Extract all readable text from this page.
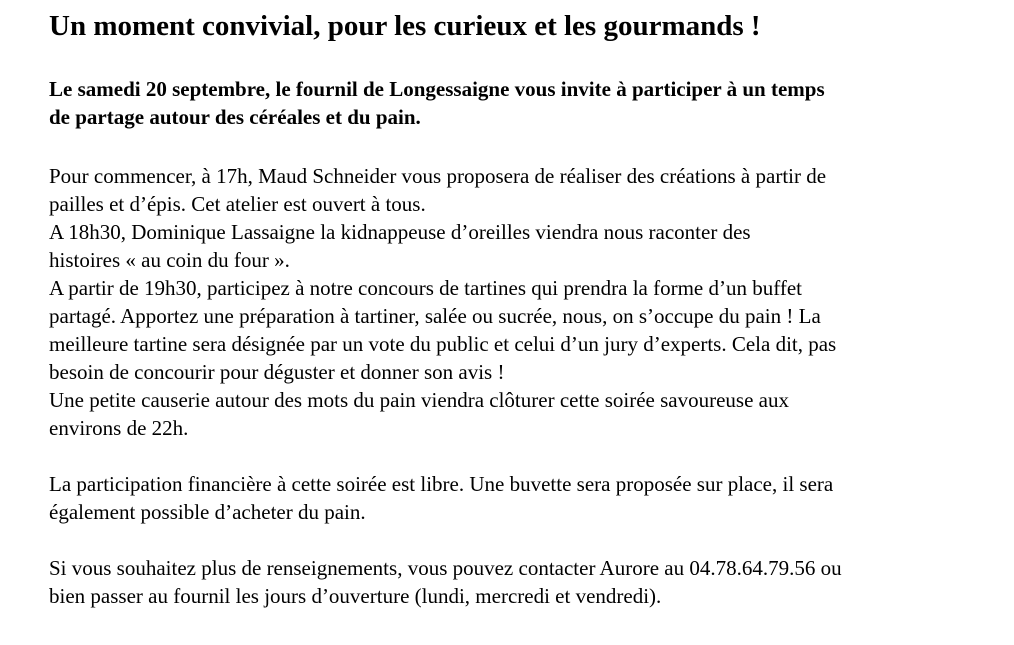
Un moment convivial, pour les curieux et les gourmands !

Le samedi 20 septembre, le fournil de Longessaigne vous invite à participer à un temps
de partage autour des céréales et du pain.

Pour commencer, à 17h, Maud Schneider vous proposera de réaliser des créations à partir de
pailles et d’épis. Cet atelier est ouvert à tous.
A 18h30, Dominique Lassaigne la kidnappeuse d’oreilles viendra nous raconter des
histoires « au coin du four ».
A partir de 19h30, participez à notre concours de tartines qui prendra la forme d’un buffet
partagé. Apportez une préparation à tartiner, salée ou sucrée, nous, on s’occupe du pain ! La
meilleure tartine sera désignée par un vote du public et celui d’un jury d’experts. Cela dit, pas
besoin de concourir pour déguster et donner son avis !
Une petite causerie autour des mots du pain viendra clôturer cette soirée savoureuse aux
environs de 22h.

La participation financière à cette soirée est libre. Une buvette sera proposée sur place, il sera
également possible d’acheter du pain.

Si vous souhaitez plus de renseignements, vous pouvez contacter Aurore au 04.78.64.79.56 ou
bien passer au fournil les jours d’ouverture (lundi, mercredi et vendredi).
